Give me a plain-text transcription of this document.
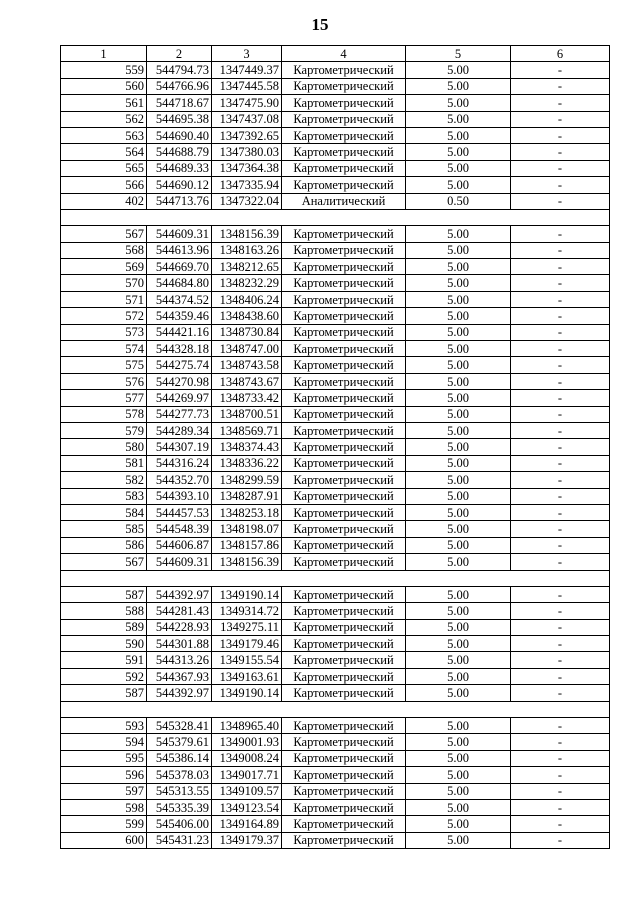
15
1	2	3	4	5	6
559	544794.73	1347449.37	Картометрический	5.00	-
560	544766.96	1347445.58	Картометрический	5.00	-
561	544718.67	1347475.90	Картометрический	5.00	-
562	544695.38	1347437.08	Картометрический	5.00	-
563	544690.40	1347392.65	Картометрический	5.00	-
564	544688.79	1347380.03	Картометрический	5.00	-
565	544689.33	1347364.38	Картометрический	5.00	-
566	544690.12	1347335.94	Картометрический	5.00	-
402	544713.76	1347322.04	Аналитический	0.50	-

567	544609.31	1348156.39	Картометрический	5.00	-
568	544613.96	1348163.26	Картометрический	5.00	-
569	544669.70	1348212.65	Картометрический	5.00	-
570	544684.80	1348232.29	Картометрический	5.00	-
571	544374.52	1348406.24	Картометрический	5.00	-
572	544359.46	1348438.60	Картометрический	5.00	-
573	544421.16	1348730.84	Картометрический	5.00	-
574	544328.18	1348747.00	Картометрический	5.00	-
575	544275.74	1348743.58	Картометрический	5.00	-
576	544270.98	1348743.67	Картометрический	5.00	-
577	544269.97	1348733.42	Картометрический	5.00	-
578	544277.73	1348700.51	Картометрический	5.00	-
579	544289.34	1348569.71	Картометрический	5.00	-
580	544307.19	1348374.43	Картометрический	5.00	-
581	544316.24	1348336.22	Картометрический	5.00	-
582	544352.70	1348299.59	Картометрический	5.00	-
583	544393.10	1348287.91	Картометрический	5.00	-
584	544457.53	1348253.18	Картометрический	5.00	-
585	544548.39	1348198.07	Картометрический	5.00	-
586	544606.87	1348157.86	Картометрический	5.00	-
567	544609.31	1348156.39	Картометрический	5.00	-

587	544392.97	1349190.14	Картометрический	5.00	-
588	544281.43	1349314.72	Картометрический	5.00	-
589	544228.93	1349275.11	Картометрический	5.00	-
590	544301.88	1349179.46	Картометрический	5.00	-
591	544313.26	1349155.54	Картометрический	5.00	-
592	544367.93	1349163.61	Картометрический	5.00	-
587	544392.97	1349190.14	Картометрический	5.00	-

593	545328.41	1348965.40	Картометрический	5.00	-
594	545379.61	1349001.93	Картометрический	5.00	-
595	545386.14	1349008.24	Картометрический	5.00	-
596	545378.03	1349017.71	Картометрический	5.00	-
597	545313.55	1349109.57	Картометрический	5.00	-
598	545335.39	1349123.54	Картометрический	5.00	-
599	545406.00	1349164.89	Картометрический	5.00	-
600	545431.23	1349179.37	Картометрический	5.00	-
